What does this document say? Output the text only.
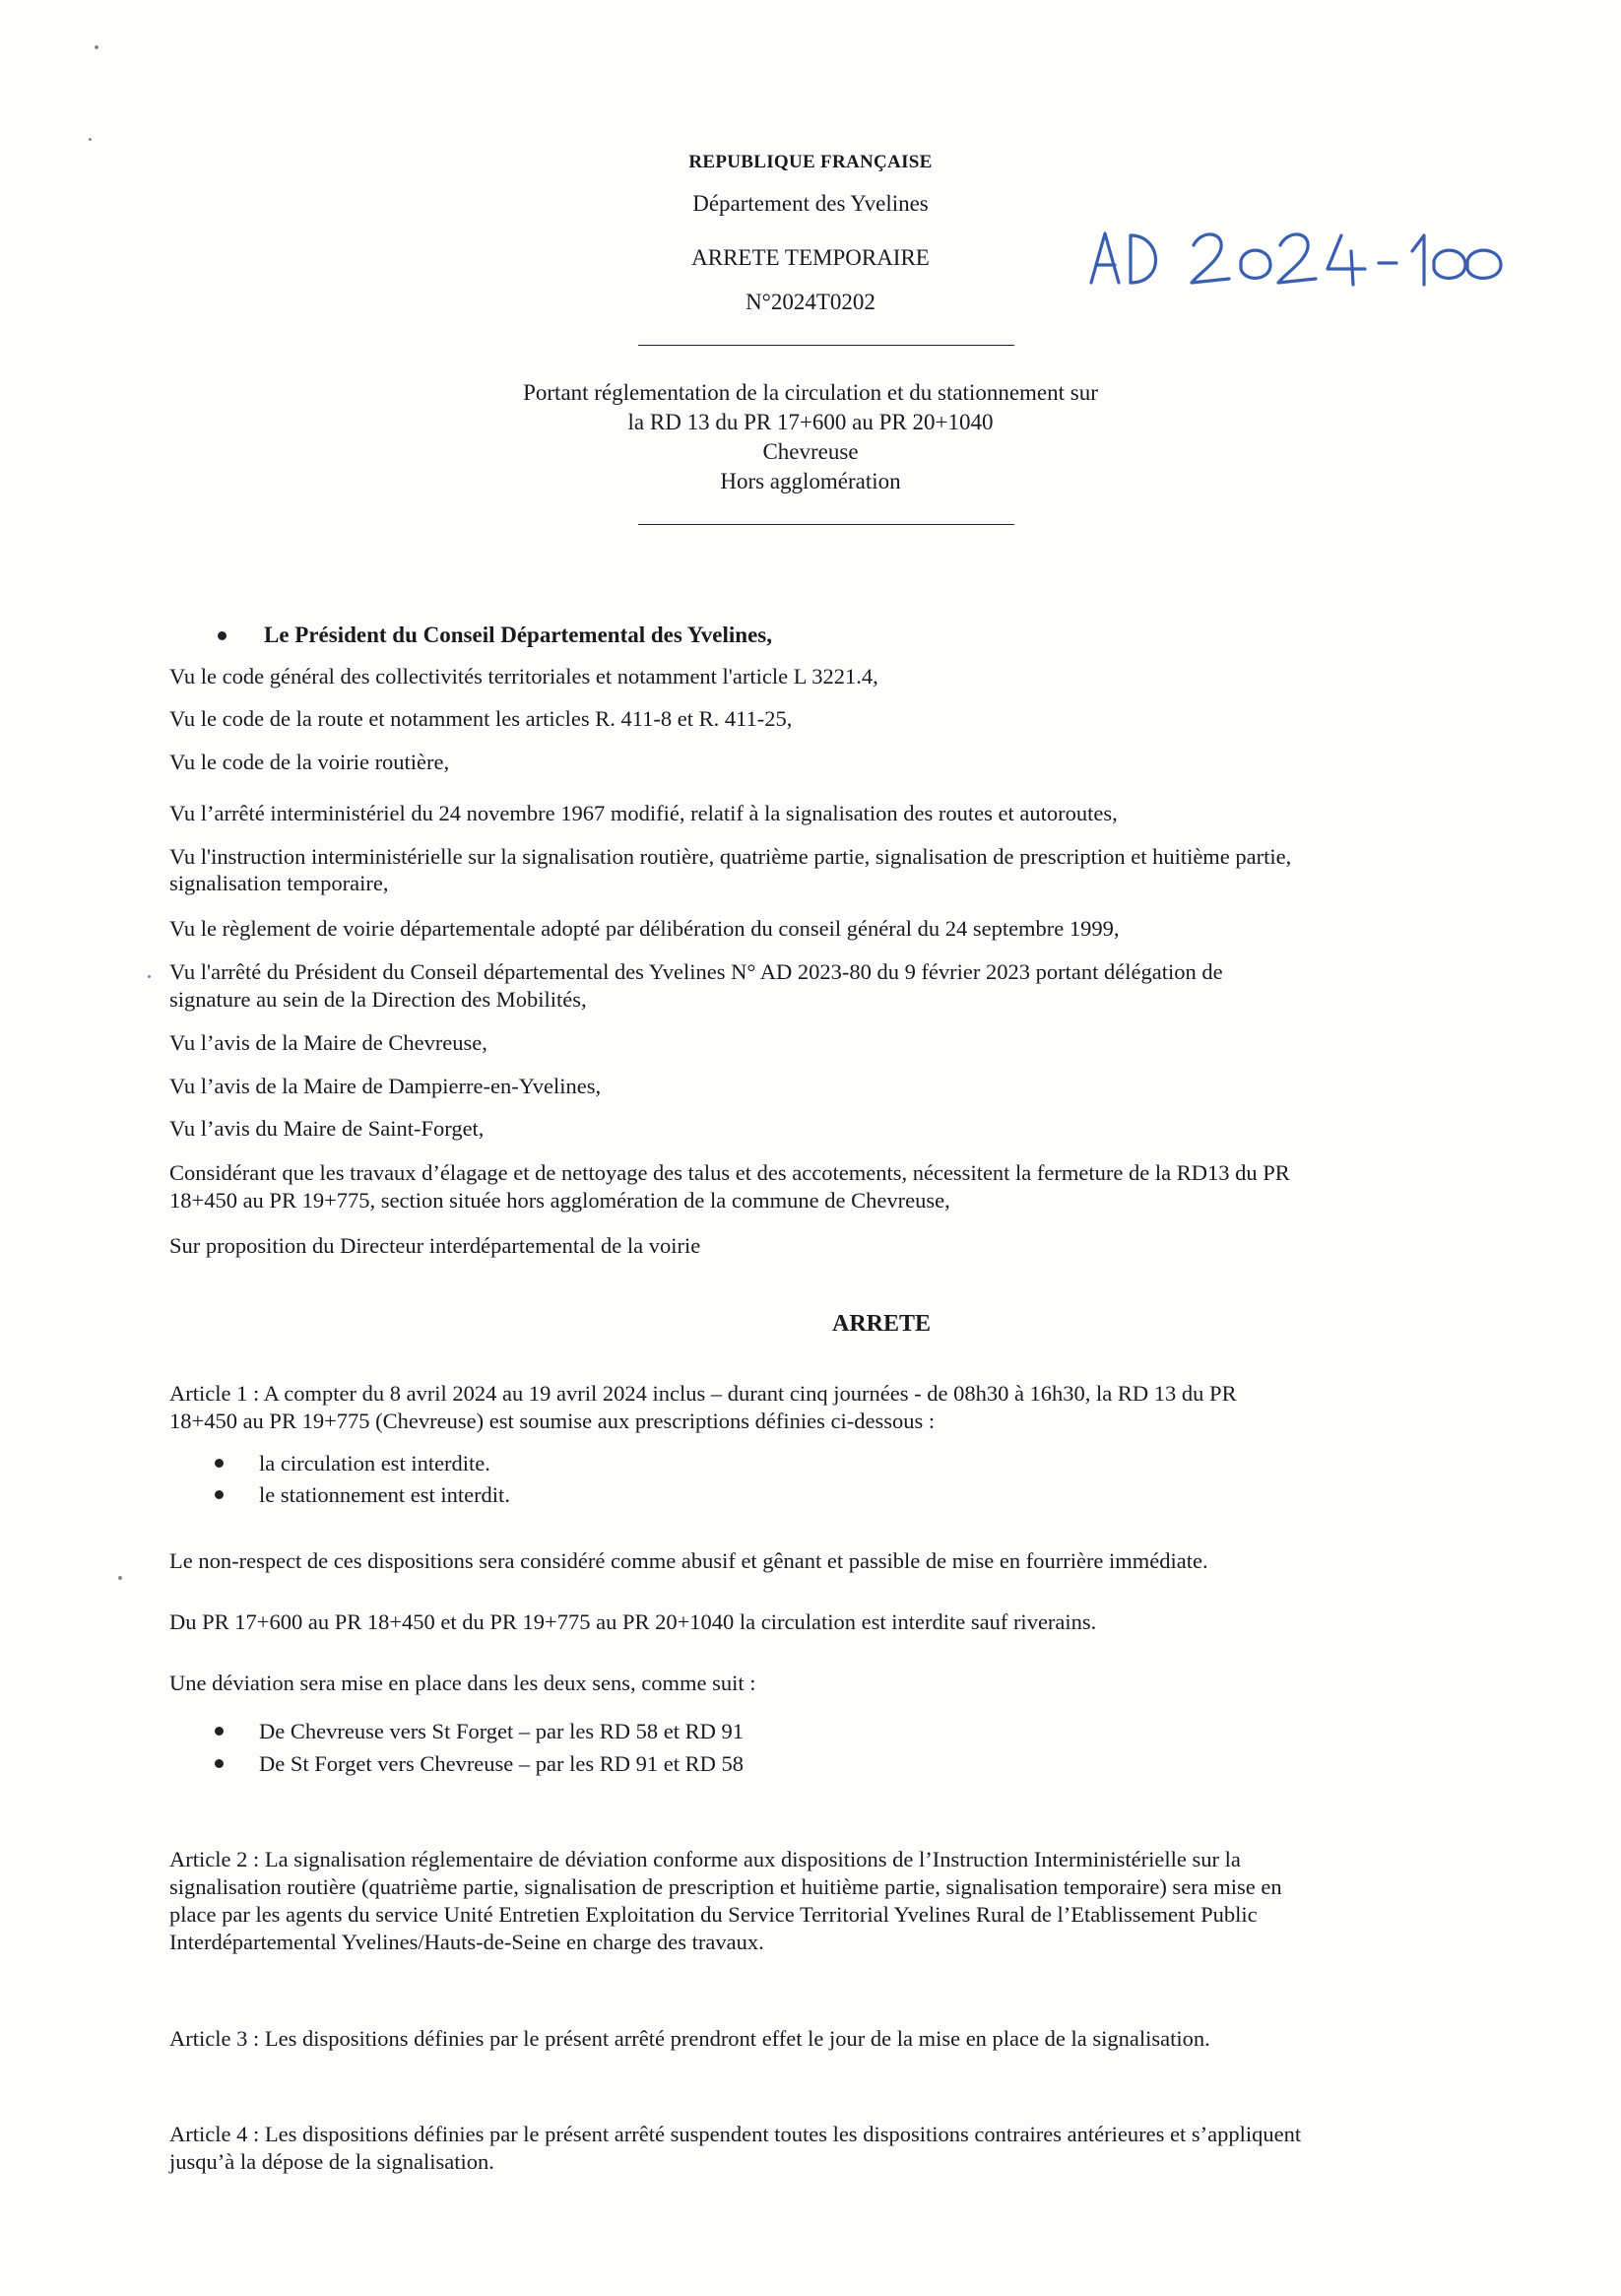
REPUBLIQUE FRANÇAISE
Département des Yvelines
ARRETE TEMPORAIRE
N°2024T0202
Portant réglementation de la circulation et du stationnement sur
la RD 13 du PR 17+600 au PR 20+1040
Chevreuse
Hors agglomération
Le Président du Conseil Départemental des Yvelines,
Vu le code général des collectivités territoriales et notamment l'article L 3221.4,
Vu le code de la route et notamment les articles R. 411-8 et R. 411-25,
Vu le code de la voirie routière,
Vu l’arrêté interministériel du 24 novembre 1967 modifié, relatif à la signalisation des routes et autoroutes,
Vu l'instruction interministérielle sur la signalisation routière, quatrième partie, signalisation de prescription et huitième partie,
signalisation temporaire,
Vu le règlement de voirie départementale adopté par délibération du conseil général du 24 septembre 1999,
Vu l'arrêté du Président du Conseil départemental des Yvelines N° AD 2023-80 du 9 février 2023 portant délégation de
signature au sein de la Direction des Mobilités,
Vu l’avis de la Maire de Chevreuse,
Vu l’avis de la Maire de Dampierre-en-Yvelines,
Vu l’avis du Maire de Saint-Forget,
Considérant que les travaux d’élagage et de nettoyage des talus et des accotements, nécessitent la fermeture de la RD13 du PR
18+450 au PR 19+775, section située hors agglomération de la commune de Chevreuse,
Sur proposition du Directeur interdépartemental de la voirie
ARRETE
Article 1 : A compter du 8 avril 2024 au 19 avril 2024 inclus – durant cinq journées - de 08h30 à 16h30, la RD 13 du PR
18+450 au PR 19+775 (Chevreuse) est soumise aux prescriptions définies ci-dessous :
la circulation est interdite.
le stationnement est interdit.
Le non-respect de ces dispositions sera considéré comme abusif et gênant et passible de mise en fourrière immédiate.
Du PR 17+600 au PR 18+450 et du PR 19+775 au PR 20+1040 la circulation est interdite sauf riverains.
Une déviation sera mise en place dans les deux sens, comme suit :
De Chevreuse vers St Forget – par les RD 58 et RD 91
De St Forget vers Chevreuse – par les RD 91 et RD 58
Article 2 : La signalisation réglementaire de déviation conforme aux dispositions de l’Instruction Interministérielle sur la
signalisation routière (quatrième partie, signalisation de prescription et huitième partie, signalisation temporaire) sera mise en
place par les agents du service Unité Entretien Exploitation du Service Territorial Yvelines Rural de l’Etablissement Public
Interdépartemental Yvelines/Hauts-de-Seine en charge des travaux.
Article 3 : Les dispositions définies par le présent arrêté prendront effet le jour de la mise en place de la signalisation.
Article 4 : Les dispositions définies par le présent arrêté suspendent toutes les dispositions contraires antérieures et s’appliquent
jusqu’à la dépose de la signalisation.
